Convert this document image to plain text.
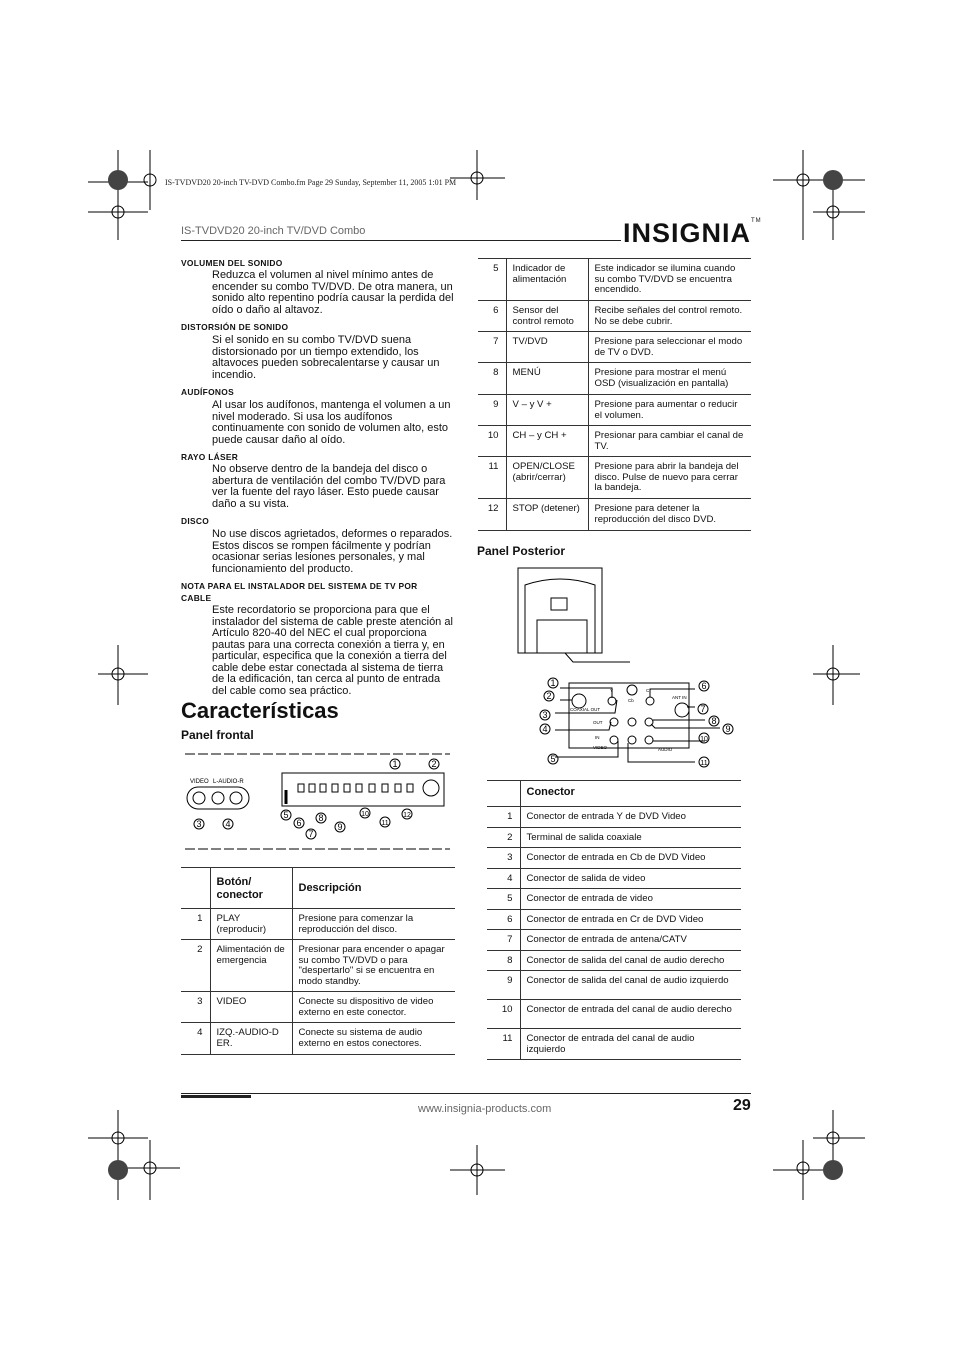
IS-TVDVD20 20-inch TV-DVD Combo.fm Page 29 Sunday, September 11, 2005 1:01 PM
IS-TVDVD20 20-inch TV/DVD Combo	INSIGNIA™
VOLUMEN DEL SONIDO
Reduzca el volumen al nivel mínimo antes de encender su combo TV/DVD. De otra manera, un sonido alto repentino podría causar la perdida del oído o daño al altavoz.
DISTORSIÓN DE SONIDO
Si el sonido en su combo TV/DVD suena distorsionado por un tiempo extendido, los altavoces pueden sobrecalentarse y causar un incendio.
AUDÍFONOS
Al usar los audífonos, mantenga el volumen a un nivel moderado. Si usa los audífonos continuamente con sonido de volumen alto, esto puede causar daño al oído.
RAYO LÁSER
No observe dentro de la bandeja del disco o abertura de ventilación del combo TV/DVD para ver la fuente del rayo láser. Esto puede causar daño a su vista.
DISCO
No use discos agrietados, deformes o reparados. Estos discos se rompen fácilmente y podrían ocasionar serias lesiones personales, y mal funcionamiento del producto.
NOTA PARA EL INSTALADOR DEL SISTEMA DE TV POR
CABLE
Este recordatorio se proporciona para que el instalador del sistema de cable preste atención al Artículo 820-40 del NEC el cual proporciona pautas para una correcta conexión a tierra y, en particular, especifica que la conexión a tierra del cable debe estar conectada al sistema de tierra de la edificación, tan cerca al punto de entrada del cable como sea práctico.
Características
Panel frontal
VIDEO L-AUDIO-R
1	2
3	4
5
6
7
8
9
10
11
12
	Botón/ conector	Descripción
1	PLAY (reproducir)	Presione para comenzar la reproducción del disco.
2	Alimentación de emergencia	Presionar para encender o apagar su combo TV/DVD o para "despertarlo" si se encuentra en modo standby.
3	VIDEO	Conecte su dispositivo de video externo en este conector.
4	IZQ.-AUDIO-D ER.	Conecte su sistema de audio externo en estos conectores.
5	Indicador de alimentación	Este indicador se ilumina cuando su combo TV/DVD se encuentra encendido.
6	Sensor del control remoto	Recibe señales del control remoto. No se debe cubrir.
7	TV/DVD	Presione para seleccionar el modo de TV o DVD.
8	MENÚ	Presione para mostrar el menú OSD (visualización en pantalla)
9	V – y V +	Presione para aumentar o reducir el volumen.
10	CH – y CH +	Presionar para cambiar el canal de TV.
11	OPEN/CLOSE (abrir/cerrar)	Presione para abrir la bandeja del disco. Pulse de nuevo para cerrar la bandeja.
12	STOP (detener)	Presione para detener la reproducción del disco DVD.
Panel Posterior
COAXIAL OUT
Y
Cb
Cr
ANT IN
OUT
IN
VIDEO	AUDIO
1
2
3
4
5
6
7
8
9
10
11
	Conector
1	Conector de entrada Y de DVD Video
2	Terminal de salida coaxiale
3	Conector de entrada en Cb de DVD Video
4	Conector de salida de video
5	Conector de entrada de video
6	Conector de entrada en Cr de DVD Video
7	Conector de entrada de antena/CATV
8	Conector de salida del canal de audio derecho
9	Conector de salida del canal de audio izquierdo
10	Conector de entrada del canal de audio derecho
11	Conector de entrada del canal de audio izquierdo
www.insignia-products.com	29
